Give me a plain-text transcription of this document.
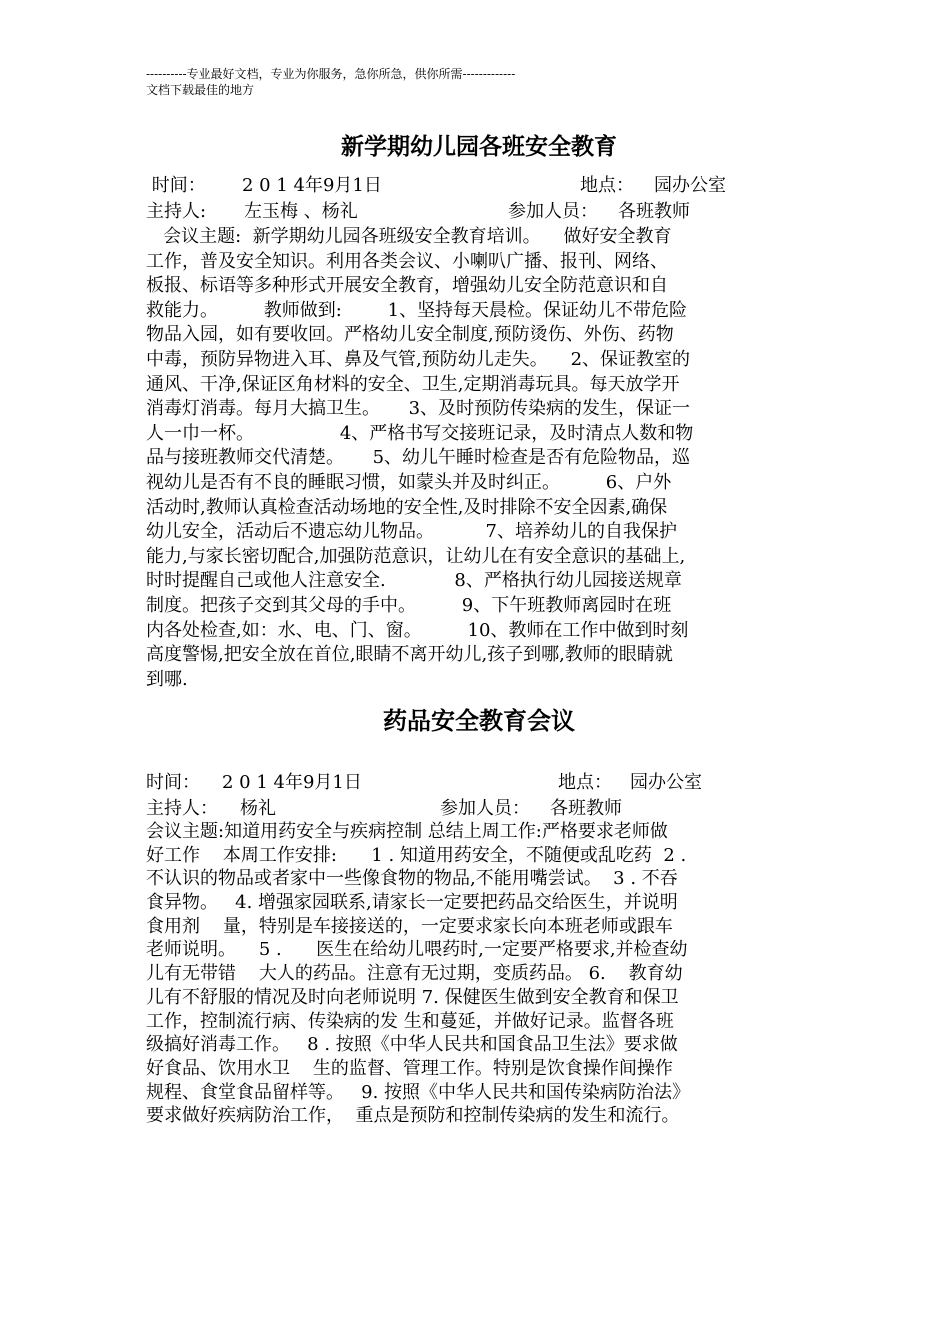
----------专业最好文档，专业为你服务，急你所急，供你所需-------------
文档下载最佳的地方
新学期幼儿园各班安全教育
时间： 2 0 1 4年9月1日	地点： 园办公室
主持人: 左玉梅 、杨礼	参加人员： 各班教师
会议主题:  新学期幼儿园各班级安全教育培训。    做好安全教育
工作，普及安全知识。利用各类会议、小喇叭广播、报刊、网络、
板报、标语等多种形式开展安全教育，增强幼儿安全防范意识和自
救能力。        教师做到:        1、坚持每天晨检。保证幼儿不带危险
物品入园，如有要收回。严格幼儿安全制度,预防烫伤、外伤、药物
中毒，预防异物进入耳、鼻及气管,预防幼儿走失。    2、保证教室的
通风、干净,保证区角材料的安全、卫生,定期消毒玩具。每天放学开
消毒灯消毒。每月大搞卫生。     3、及时预防传染病的发生，保证一
人一巾一杯。               4、严格书写交接班记录，及时清点人数和物
品与接班教师交代清楚。     5、幼儿午睡时检查是否有危险物品，巡
视幼儿是否有不良的睡眠习惯，如蒙头并及时纠正。        6、户外
活动时,教师认真检查活动场地的安全性,及时排除不安全因素,确保
幼儿安全，活动后不遗忘幼儿物品。         7、培养幼儿的自我保护
能力,与家长密切配合,加强防范意识，让幼儿在有安全意识的基础上,
时时提醒自己或他人注意安全.            8、严格执行幼儿园接送规章
制度。把孩子交到其父母的手中。        9、下午班教师离园时在班
内各处检查,如：水、电、门、窗。        10、教师在工作中做到时刻
高度警惕,把安全放在首位,眼睛不离开幼儿,孩子到哪,教师的眼睛就
到哪.
药品安全教育会议
时间： 2 0 1 4年9月1日	地点： 园办公室
主持人： 杨礼	参加人员： 各班教师
会议主题:知道用药安全与疾病控制 总结上周工作:严格要求老师做
好工作    本周工作安排:      1 . 知道用药安全，不随便或乱吃药  2 .
不认识的物品或者家中一些像食物的物品,不能用嘴尝试。  3 . 不吞
食异物。   4. 增强家园联系,请家长一定要把药品交给医生，并说明
食用剂    量，特别是车接接送的，一定要求家长向本班老师或跟车
老师说明。    5 .      医生在给幼儿喂药时,一定要严格要求,并检查幼
儿有无带错    大人的药品。注意有无过期，变质药品。 6.    教育幼
儿有不舒服的情况及时向老师说明 7. 保健医生做到安全教育和保卫
工作，控制流行病、传染病的发 生和蔓延，并做好记录。监督各班
级搞好消毒工作。   8 . 按照《中华人民共和国食品卫生法》要求做
好食品、饮用水卫    生的监督、管理工作。特别是饮食操作间操作
规程、食堂食品留样等。   9. 按照《中华人民共和国传染病防治法》
要求做好疾病防治工作，  重点是预防和控制传染病的发生和流行。
